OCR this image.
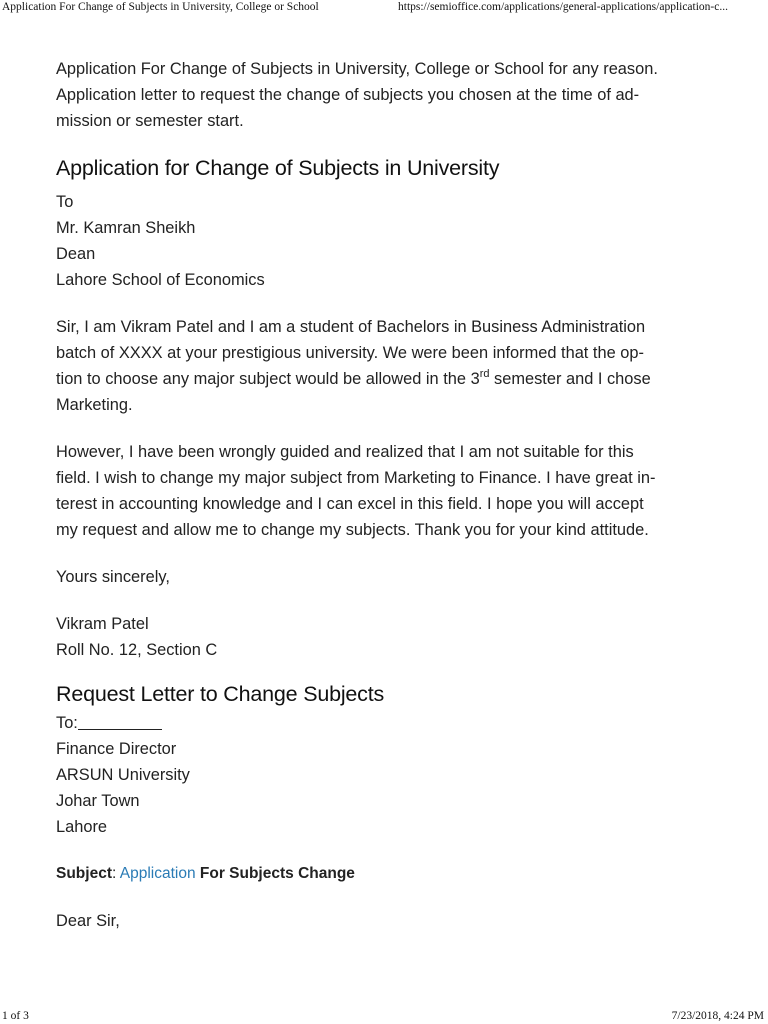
Application For Change of Subjects in University, College or School	https://semioffice.com/applications/general-applications/application-c...

Application For Change of Subjects in University, College or School for any reason.
Application letter to request the change of subjects you chosen at the time of ad-
mission or semester start.

Application for Change of Subjects in University

To
Mr. Kamran Sheikh
Dean
Lahore School of Economics

Sir, I am Vikram Patel and I am a student of Bachelors in Business Administration
batch of XXXX at your prestigious university. We were been informed that the op-
tion to choose any major subject would be allowed in the 3rd semester and I chose
Marketing.

However, I have been wrongly guided and realized that I am not suitable for this
field. I wish to change my major subject from Marketing to Finance. I have great in-
terest in accounting knowledge and I can excel in this field. I hope you will accept
my request and allow me to change my subjects. Thank you for your kind attitude.

Yours sincerely,

Vikram Patel
Roll No. 12, Section C

Request Letter to Change Subjects

To:
Finance Director
ARSUN University
Johar Town
Lahore

Subject: Application For Subjects Change

Dear Sir,

1 of 3	7/23/2018, 4:24 PM
